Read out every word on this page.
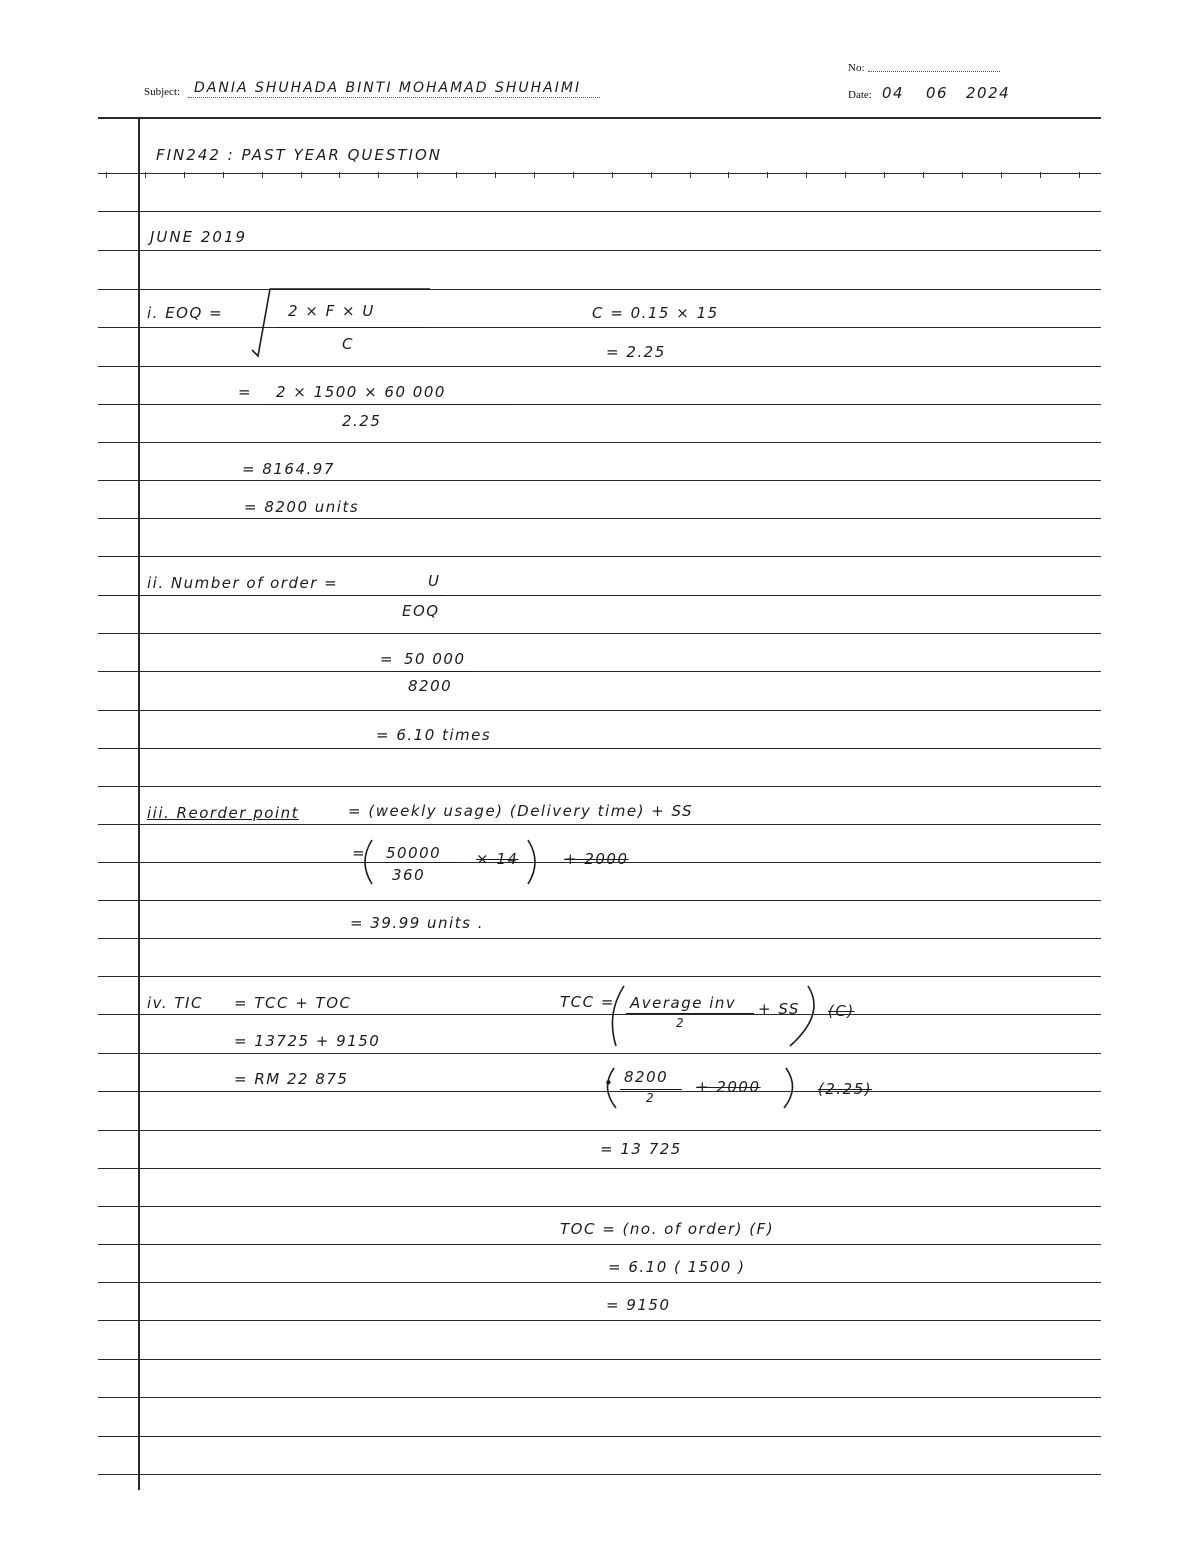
Subject: DANIA SHUHADA BINTI MOHAMAD SHUHAIMI
No:
Date: 04 06 2024
FIN242 : PAST YEAR QUESTION
JUNE 2019
i. EOQ =	2 × F × U
C
C = 0.15 × 15
= 2.25
= 2 × 1500 × 60 000
2.25
= 8164.97
= 8200 units
ii. Number of order =	U
EOQ
= 50 000
8200
= 6.10 times
iii. Reorder point	= (weekly usage) (Delivery time) + SS
= 50000
360
× 14	+ 2000
= 39.99 units .
iv. TIC = TCC + TOC
= 13725 + 9150
= RM 22 875
TCC = Average inv
2
+ SS (C)
• 8200
2
+ 2000	(2.25)
= 13 725
TOC = (no. of order) (F)
= 6.10 ( 1500 )
= 9150
